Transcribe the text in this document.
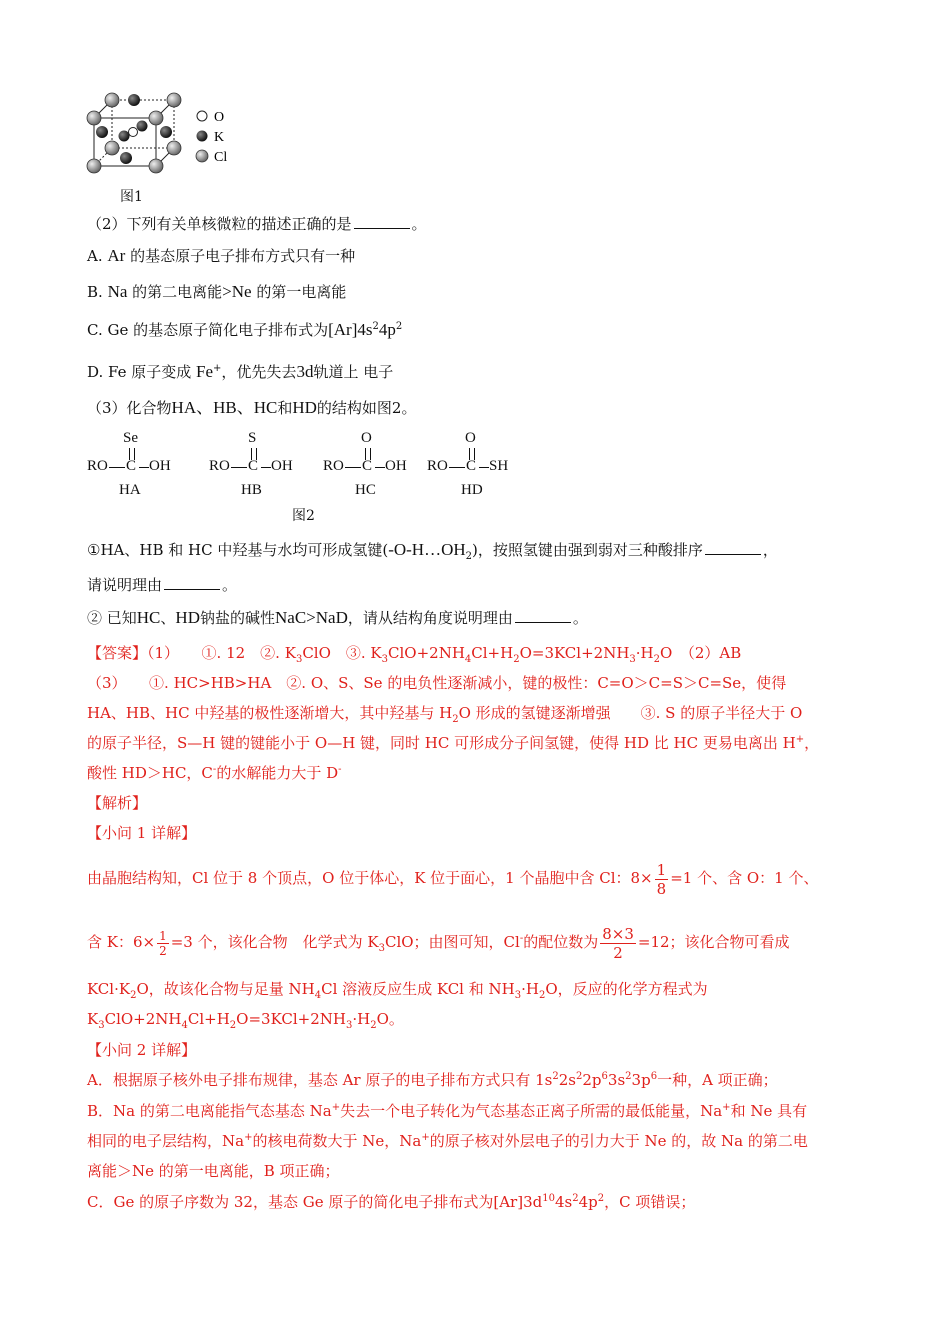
O
K
Cl
图1
（2）下列有关单核微粒的描述正确的是	。
A. Ar 的基态原子电子排布方式只有一种
B. Na 的第二电离能>Ne 的第一电离能
C. Ge 的基态原子简化电子排布式为$[Ar]4s^24p^2$
D. Fe 原子变成 Fe+，优先失去3d轨道上 电子
（3）化合物HA、HB、HC和HD的结构如图2。
Se
RO C OH
HA
S
RO C OH
HB
O
RO C OH
HC
O
RO C SH
HD
图2
①HA、HB 和 HC 中羟基与水均可形成氢键$(-O-H\dots OH_2)$，按照氢键由强到弱对三种酸排序	，
请说明理由	。
② 已知HC、HD钠盐的碱性NaC>NaD，请从结构角度说明理由	。
【答案】（1）　　①. 12　②. $K_3ClO$　③. $K_3ClO+2NH_4Cl+H_2O=3KCl+2NH_3\cdot H_2O$　（2）AB
（3）　　①. HC>HB>HA　②. O、S、Se 的电负性逐渐减小，键的极性：C=O＞C=S＞C=Se，使得
HA、HB、HC 中羟基的极性逐渐增大，其中羟基与 $H_2O$ 形成的氢键逐渐增强　　③. S 的原子半径大于 O
的原子半径，S—H 键的键能小于 O—H 键，同时 HC 可形成分子间氢键，使得 HD 比 HC 更易电离出 H+，
酸性 HD＞HC，C-的水解能力大于 D-
【解析】
【小问 1 详解】
由晶胞结构知，Cl 位于 8 个顶点，O 位于体心，K 位于面心，1 个晶胞中含 Cl：$8\times \frac{1}{8} =1$ 个、含 O：1 个、
含 K：$6\times \frac{1}{2} =3$ 个，该化合物　化学式为 $K_3ClO$；由图可知，Cl-的配位数为 $\frac{8\times 3}{2} =12$；该化合物可看成
$KCl\cdot K_2O$，故该化合物与足量 $NH_4Cl$ 溶液反应生成 KCl 和 $NH_3\cdot H_2O$，反应的化学方程式为
$K_3ClO+2NH_4Cl+H_2O=3KCl+2NH_3\cdot H_2O$。
【小问 2 详解】
A．根据原子核外电子排布规律，基态 Ar 原子的电子排布方式只有 $1s^22s^22p^63s^23p^6$一种，A 项正确；
B．Na 的第二电离能指气态基态 Na+失去一个电子转化为气态基态正离子所需的最低能量，Na+和 Ne 具有
相同的电子层结构，Na+的核电荷数大于 Ne，Na+的原子核对外层电子的引力大于 Ne 的，故 Na 的第二电
离能＞Ne 的第一电离能，B 项正确；
C．Ge 的原子序数为 32，基态 Ge 原子的简化电子排布式为$[Ar]3d^{10}4s^24p^2$，C 项错误；
